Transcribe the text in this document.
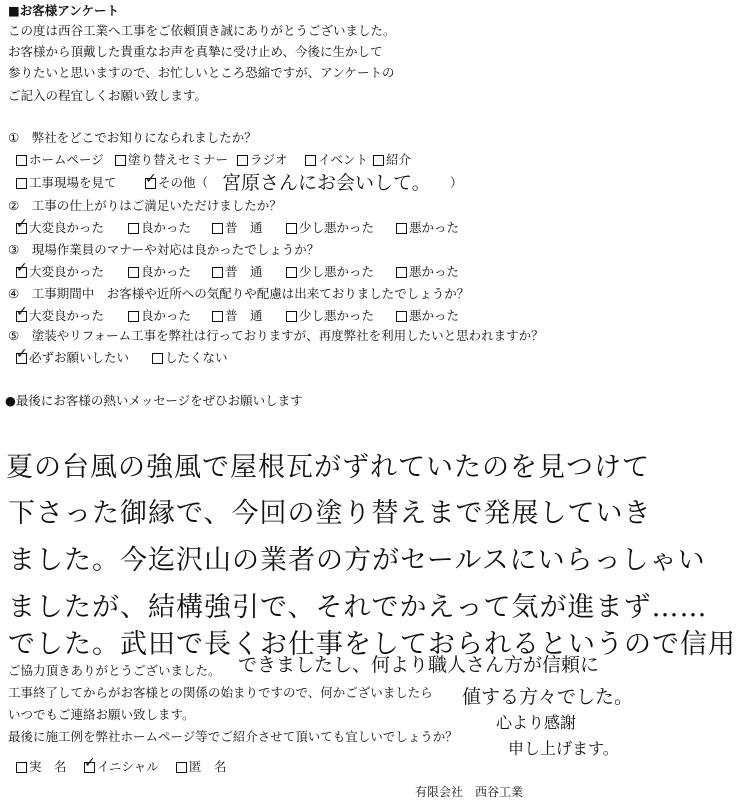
■お客様アンケート
この度は西谷工業へ工事をご依頼頂き誠にありがとうございました。
お客様から頂戴した貴重なお声を真摯に受け止め、今後に生かして
参りたいと思いますので、お忙しいところ恐縮ですが、アンケートの
ご記入の程宜しくお願い致します。
①　弊社をどこでお知りになられましたか？
ホームページ 塗り替えセミナー ラジオ イベント 紹介
工事現場を見て ✓	その他（ 宮原さんにお会いして。 ）
②　工事の仕上がりはご満足いただけましたか？
✓
大変良かった	良かった	普　通	少し悪かった	悪かった
③　現場作業員のマナーや対応は良かったでしょうか？
✓
大変良かった	良かった	普　通	少し悪かった	悪かった
④　工事期間中　お客様や近所への気配りや配慮は出来ておりましたでしょうか？
✓
大変良かった	良かった	普　通	少し悪かった	悪かった
⑤　塗装やリフォーム工事を弊社は行っておりますが、再度弊社を利用したいと思われますか？
✓
必ずお願いしたい	したくない
●最後にお客様の熱いメッセージをぜひお願いします
夏の台風の強風で屋根瓦がずれていたのを見つけて
下さった御縁で、今回の塗り替えまで発展していき
ました。今迄沢山の業者の方がセールスにいらっしゃい
ましたが、結構強引で、それでかえって気が進まず……
でした。武田で長くお仕事をしておられるというので信用
できましたし、何より職人さん方が信頼に
値する方々でした。
心より感謝
申し上げます。
ご協力頂きありがとうございました。
工事終了してからがお客様との関係の始まりですので、何かございましたら
いつでもご連絡お願い致します。
最後に施工例を弊社ホームページ等でご紹介させて頂いても宜しいでしょうか？
実　名 ✓ イニシャル 匿　名
有限会社　西谷工業
